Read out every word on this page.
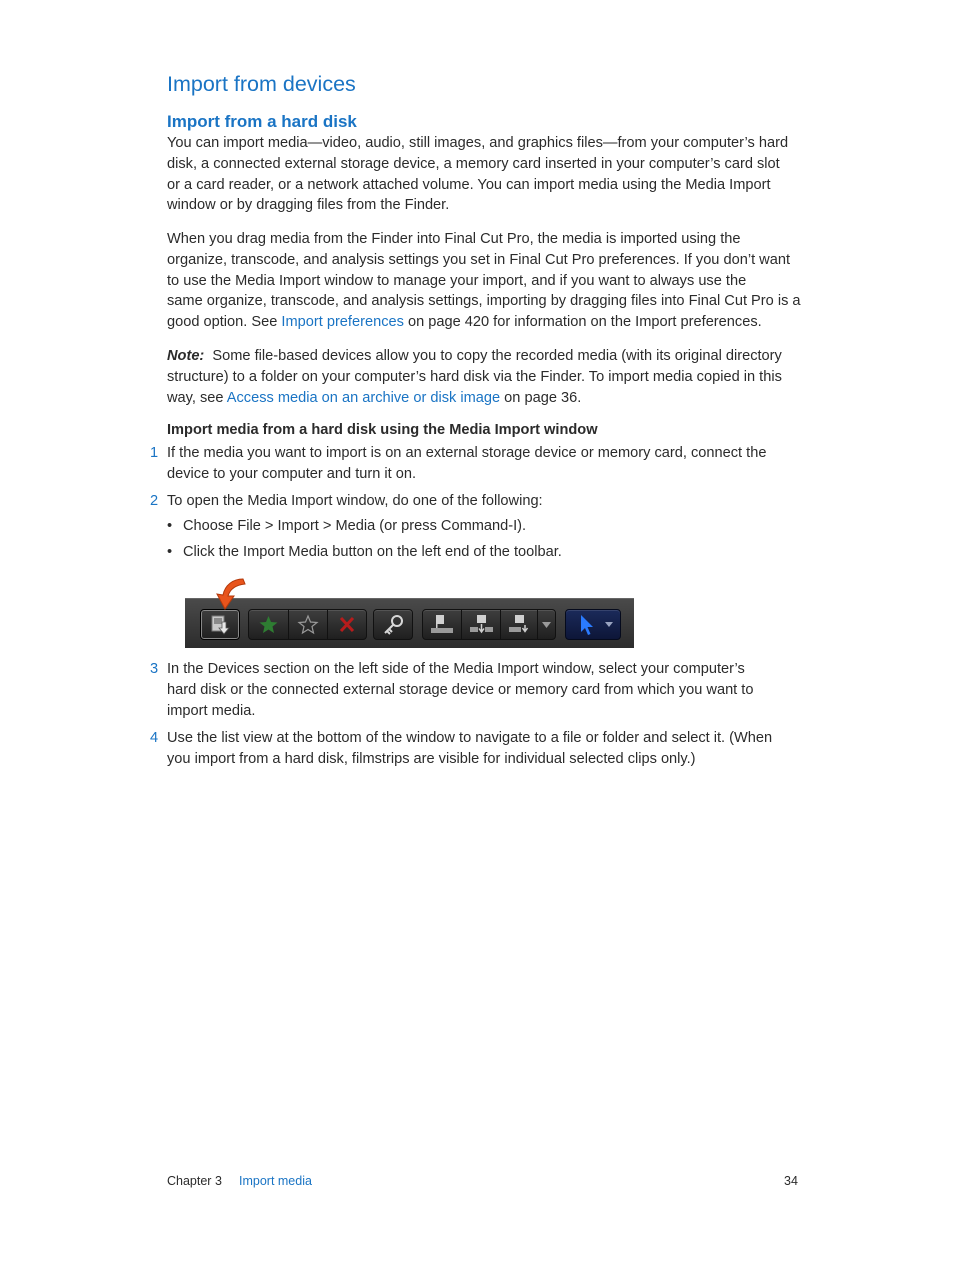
Import from devices
Import from a hard disk
You can import media—video, audio, still images, and graphics files—from your computer’s hard
disk, a connected external storage device, a memory card inserted in your computer’s card slot
or a card reader, or a network attached volume. You can import media using the Media Import
window or by dragging files from the Finder.
When you drag media from the Finder into Final Cut Pro, the media is imported using the
organize, transcode, and analysis settings you set in Final Cut Pro preferences. If you don’t want
to use the Media Import window to manage your import, and if you want to always use the
same organize, transcode, and analysis settings, importing by dragging files into Final Cut Pro is a
good option. See Import preferences on page 420 for information on the Import preferences.
Note: Some file-based devices allow you to copy the recorded media (with its original directory
structure) to a folder on your computer’s hard disk via the Finder. To import media copied in this
way, see Access media on an archive or disk image on page 36.
Import media from a hard disk using the Media Import window
1 If the media you want to import is on an external storage device or memory card, connect the
device to your computer and turn it on.
2 To open the Media Import window, do one of the following:
• Choose File > Import > Media (or press Command-I).
• Click the Import Media button on the left end of the toolbar.
3 In the Devices section on the left side of the Media Import window, select your computer’s
hard disk or the connected external storage device or memory card from which you want to
import media.
4 Use the list view at the bottom of the window to navigate to a file or folder and select it. (When
you import from a hard disk, filmstrips are visible for individual selected clips only.)
Chapter 3 Import media	34
